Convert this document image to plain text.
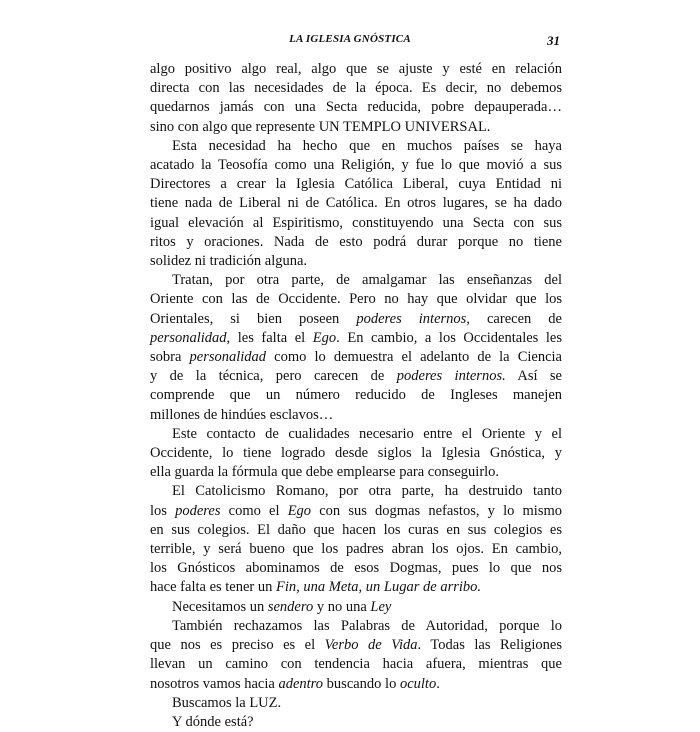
LA IGLESIA GNÓSTICA	31
algo positivo algo real, algo que se ajuste y esté en relación
directa con las necesidades de la época. Es decir, no debemos
quedarnos jamás con una Secta reducida, pobre depauperada…
sino con algo que represente UN TEMPLO UNIVERSAL.
Esta necesidad ha hecho que en muchos países se haya
acatado la Teosofía como una Religión, y fue lo que movió a sus
Directores a crear la Iglesia Católica Liberal, cuya Entidad ni
tiene nada de Liberal ni de Católica. En otros lugares, se ha dado
igual elevación al Espiritismo, constituyendo una Secta con sus
ritos y oraciones. Nada de esto podrá durar porque no tiene
solidez ni tradición alguna.
Tratan, por otra parte, de amalgamar las enseñanzas del
Oriente con las de Occidente. Pero no hay que olvidar que los
Orientales, si bien poseen poderes internos, carecen de
personalidad, les falta el Ego. En cambio, a los Occidentales les
sobra personalidad como lo demuestra el adelanto de la Ciencia
y de la técnica, pero carecen de poderes internos. Así se
comprende que un número reducido de Ingleses manejen
millones de hindúes esclavos…
Este contacto de cualidades necesario entre el Oriente y el
Occidente, lo tiene logrado desde siglos la Iglesia Gnóstica, y
ella guarda la fórmula que debe emplearse para conseguirlo.
El Catolicismo Romano, por otra parte, ha destruido tanto
los poderes como el Ego con sus dogmas nefastos, y lo mismo
en sus colegios. El daño que hacen los curas en sus colegios es
terrible, y será bueno que los padres abran los ojos. En cambio,
los Gnósticos abominamos de esos Dogmas, pues lo que nos
hace falta es tener un Fin, una Meta, un Lugar de arribo.
Necesitamos un sendero y no una Ley
También rechazamos las Palabras de Autoridad, porque lo
que nos es preciso es el Verbo de Vida. Todas las Religiones
llevan un camino con tendencia hacia afuera, mientras que
nosotros vamos hacia adentro buscando lo oculto.
Buscamos la LUZ.
Y dónde está?
